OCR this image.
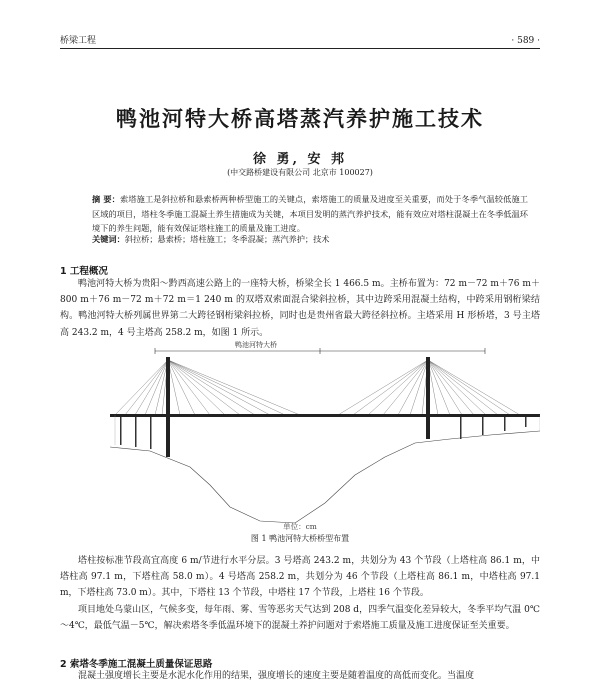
桥梁工程	· 589 ·
鸭池河特大桥高塔蒸汽养护施工技术
徐 勇, 安 邦
(中交路桥建设有限公司 北京市 100027)
摘 要：索塔施工是斜拉桥和悬索桥两种桥型施工的关键点，索塔施工的质量及进度至关重要，而处于冬季气温较低施工区域的项目，塔柱冬季施工混凝土养生措施成为关键，本项目发明的蒸汽养护技术，能有效应对塔柱混凝土在冬季低温环境下的养生问题，能有效保证塔柱施工的质量及施工进度。
关键词：斜拉桥；悬索桥；塔柱施工；冬季混凝；蒸汽养护；技术
1 工程概况
鸭池河特大桥为贵阳～黔西高速公路上的一座特大桥，桥梁全长 1 466.5 m。主桥布置为：72 m－72 m＋76 m＋800 m＋76 m－72 m＋72 m＝1 240 m 的双塔双索面混合梁斜拉桥，其中边跨采用混凝土结构，中跨采用钢桁梁结构。鸭池河特大桥列属世界第二大跨径钢桁梁斜拉桥，同时也是贵州省最大跨径斜拉桥。主塔采用 H 形桥塔，3 号主塔高 243.2 m，4 号主塔高 258.2 m，如图 1 所示。
鸭池河特大桥
单位：cm
图 1 鸭池河特大桥桥型布置
塔柱按标准节段高宜高度 6 m/节进行水平分层。3 号塔高 243.2 m，共划分为 43 个节段（上塔柱高 86.1 m，中塔柱高 97.1 m，下塔柱高 58.0 m）。4 号塔高 258.2 m，共划分为 46 个节段（上塔柱高 86.1 m，中塔柱高 97.1 m，下塔柱高 73.0 m）。其中，下塔柱 13 个节段，中塔柱 17 个节段，上塔柱 16 个节段。
项目地处乌蒙山区，气候多变，每年雨、雾、雪等恶劣天气达到 208 d，四季气温变化差异较大，冬季平均气温 0℃～4℃，最低气温－5℃，解决索塔冬季低温环境下的混凝土养护问题对于索塔施工质量及施工进度保证至关重要。
2 索塔冬季施工混凝土质量保证思路
混凝土强度增长主要是水泥水化作用的结果，强度增长的速度主要是随着温度的高低而变化。当温度
